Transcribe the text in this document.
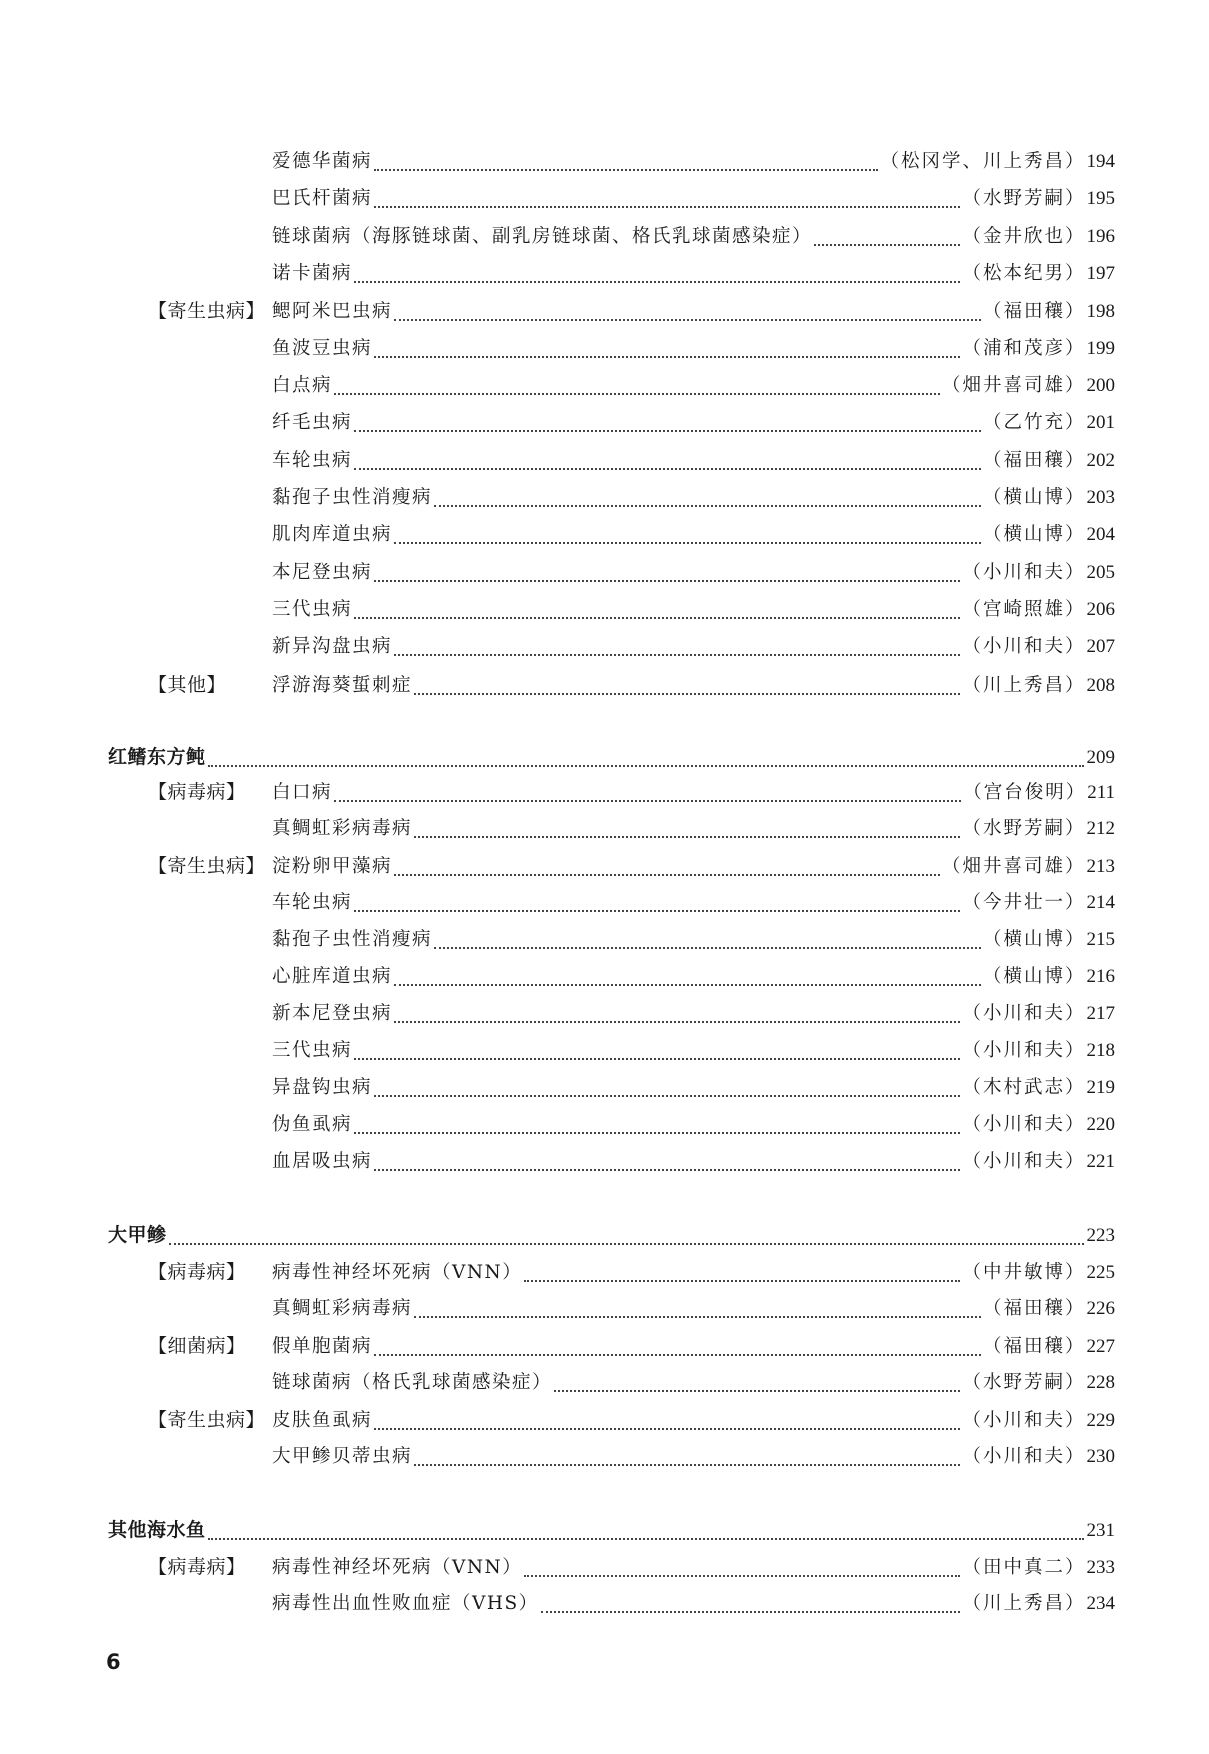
爱德华菌病	（松冈学、川上秀昌） 194
巴氏杆菌病	（水野芳嗣） 195
链球菌病（海豚链球菌、副乳房链球菌、格氏乳球菌感染症）	（金井欣也） 196
诺卡菌病	（松本纪男） 197
【寄生虫病】 鳃阿米巴虫病	（福田穰） 198
鱼波豆虫病	（浦和茂彦） 199
白点病	（畑井喜司雄） 200
纤毛虫病	（乙竹充） 201
车轮虫病	（福田穰） 202
黏孢子虫性消瘦病	（横山博） 203
肌肉库道虫病	（横山博） 204
本尼登虫病	（小川和夫） 205
三代虫病	（宫崎照雄） 206
新异沟盘虫病	（小川和夫） 207
【其他】	浮游海葵蜇刺症	（川上秀昌） 208
红鳍东方鲀	209
【病毒病】	白口病	（宫台俊明） 211
真鲷虹彩病毒病	（水野芳嗣） 212
【寄生虫病】 淀粉卵甲藻病	（畑井喜司雄） 213
车轮虫病	（今井壮一） 214
黏孢子虫性消瘦病	（横山博） 215
心脏库道虫病	（横山博） 216
新本尼登虫病	（小川和夫） 217
三代虫病	（小川和夫） 218
异盘钩虫病	（木村武志） 219
伪鱼虱病	（小川和夫） 220
血居吸虫病	（小川和夫） 221
大甲鲹	223
【病毒病】	病毒性神经坏死病（VNN）	（中井敏博） 225
真鲷虹彩病毒病	（福田穰） 226
【细菌病】	假单胞菌病	（福田穰） 227
链球菌病（格氏乳球菌感染症）	（水野芳嗣） 228
【寄生虫病】 皮肤鱼虱病	（小川和夫） 229
大甲鲹贝蒂虫病	（小川和夫） 230
其他海水鱼	231
【病毒病】	病毒性神经坏死病（VNN）	（田中真二） 233
病毒性出血性败血症（VHS）	（川上秀昌） 234
6
